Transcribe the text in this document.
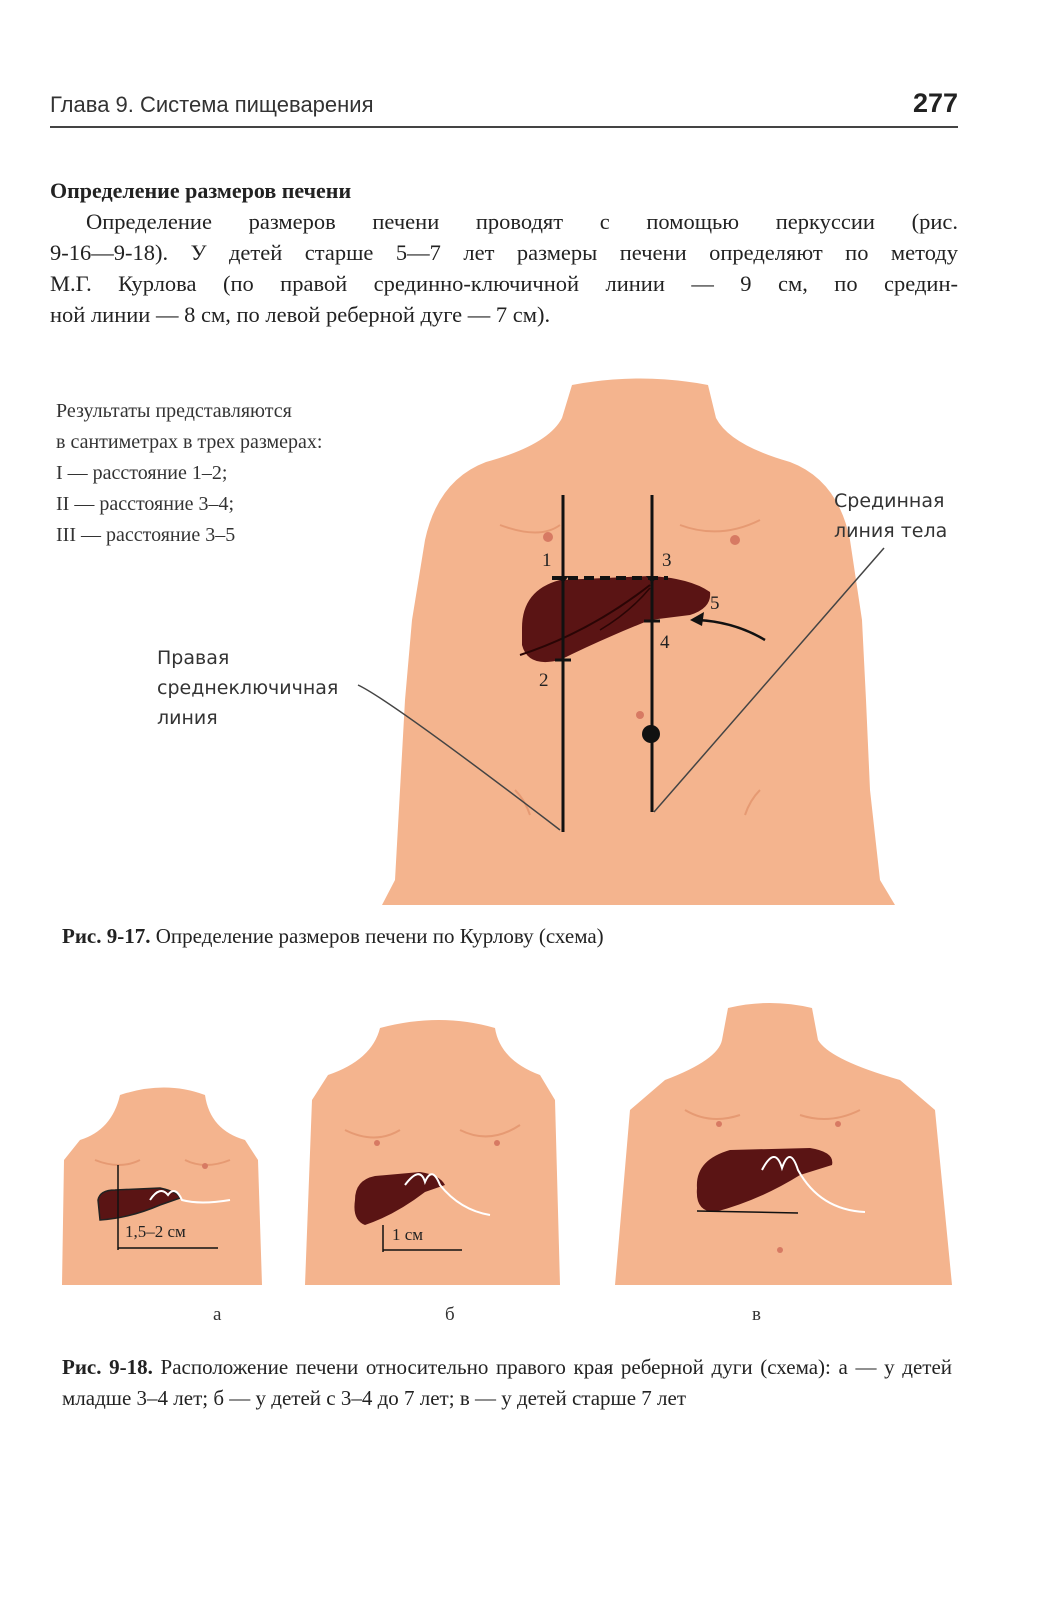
Глава 9. Система пищеварения	277
Определение размеров печени
Определение размеров печени проводят с помощью перкуссии (рис.
9-16—9-18). У детей старше 5—7 лет размеры печени определяют по методу
М.Г. Курлова (по правой срединно-ключичной линии — 9 см, по средин-
ной линии — 8 см, по левой реберной дуге — 7 см).
1
2
3
4
5
Результаты представляются
в сантиметрах в трех размерах:
I — расстояние 1–2;
II — расстояние 3–4;
III — расстояние 3–5
Срединная
линия тела
Правая
среднеключичная
линия
Рис. 9-17. Определение размеров печени по Курлову (схема)
1,5–2 см	1 см
а	б	в
Рис. 9-18. Расположение печени относительно правого края реберной дуги (схема): а — у детей младше 3–4 лет; б — у детей с 3–4 до 7 лет; в — у детей старше 7 лет
